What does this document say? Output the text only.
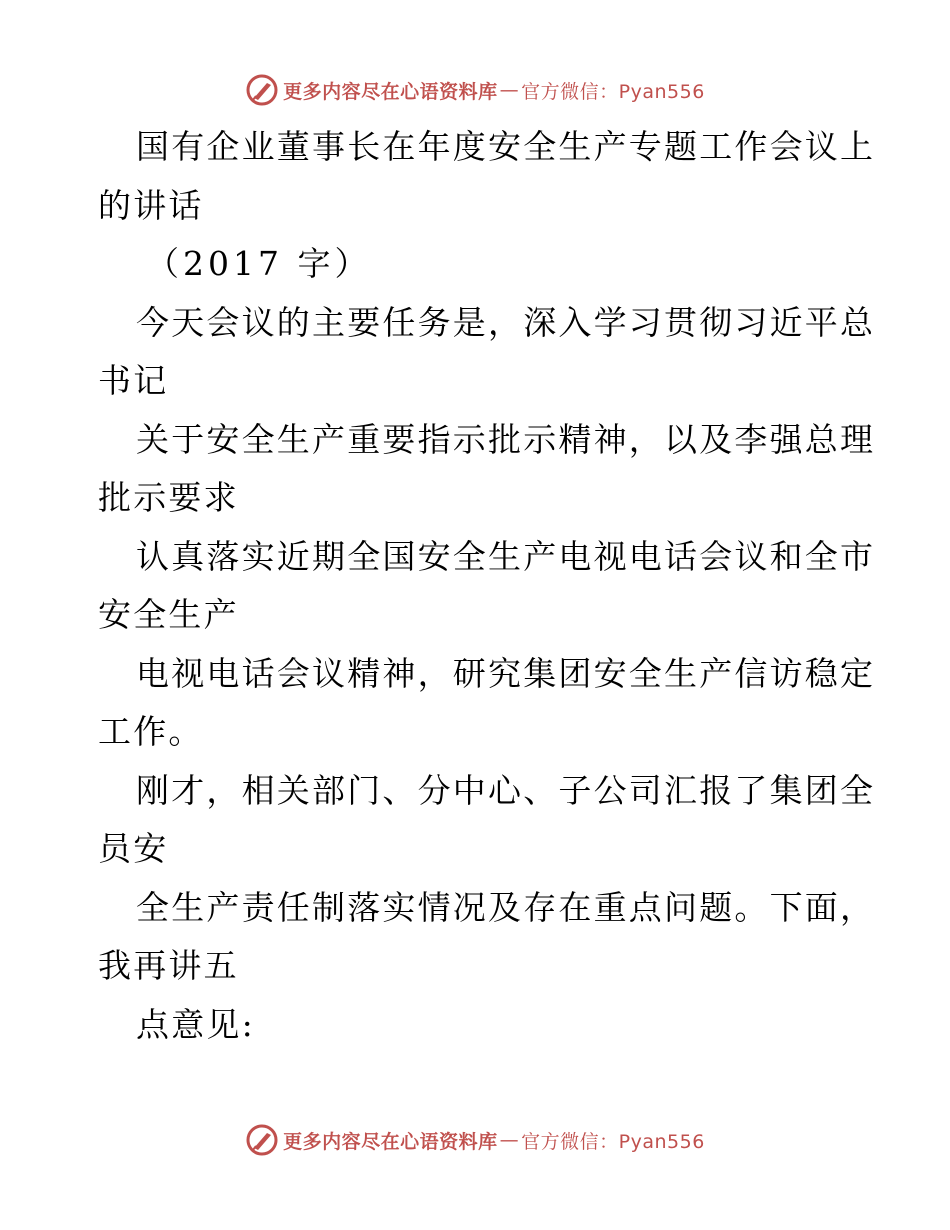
更多内容尽在心语资料库 — 官方微信：Pyan556
国有企业董事长在年度安全生产专题工作会议上
的讲话
（2017 字）
今天会议的主要任务是，深入学习贯彻习近平总
书记
关于安全生产重要指示批示精神，以及李强总理
批示要求
认真落实近期全国安全生产电视电话会议和全市
安全生产
电视电话会议精神，研究集团安全生产信访稳定
工作。
刚才，相关部门、分中心、子公司汇报了集团全
员安
全生产责任制落实情况及存在重点问题。下面，
我再讲五
点意见:
更多内容尽在心语资料库 — 官方微信：Pyan556
